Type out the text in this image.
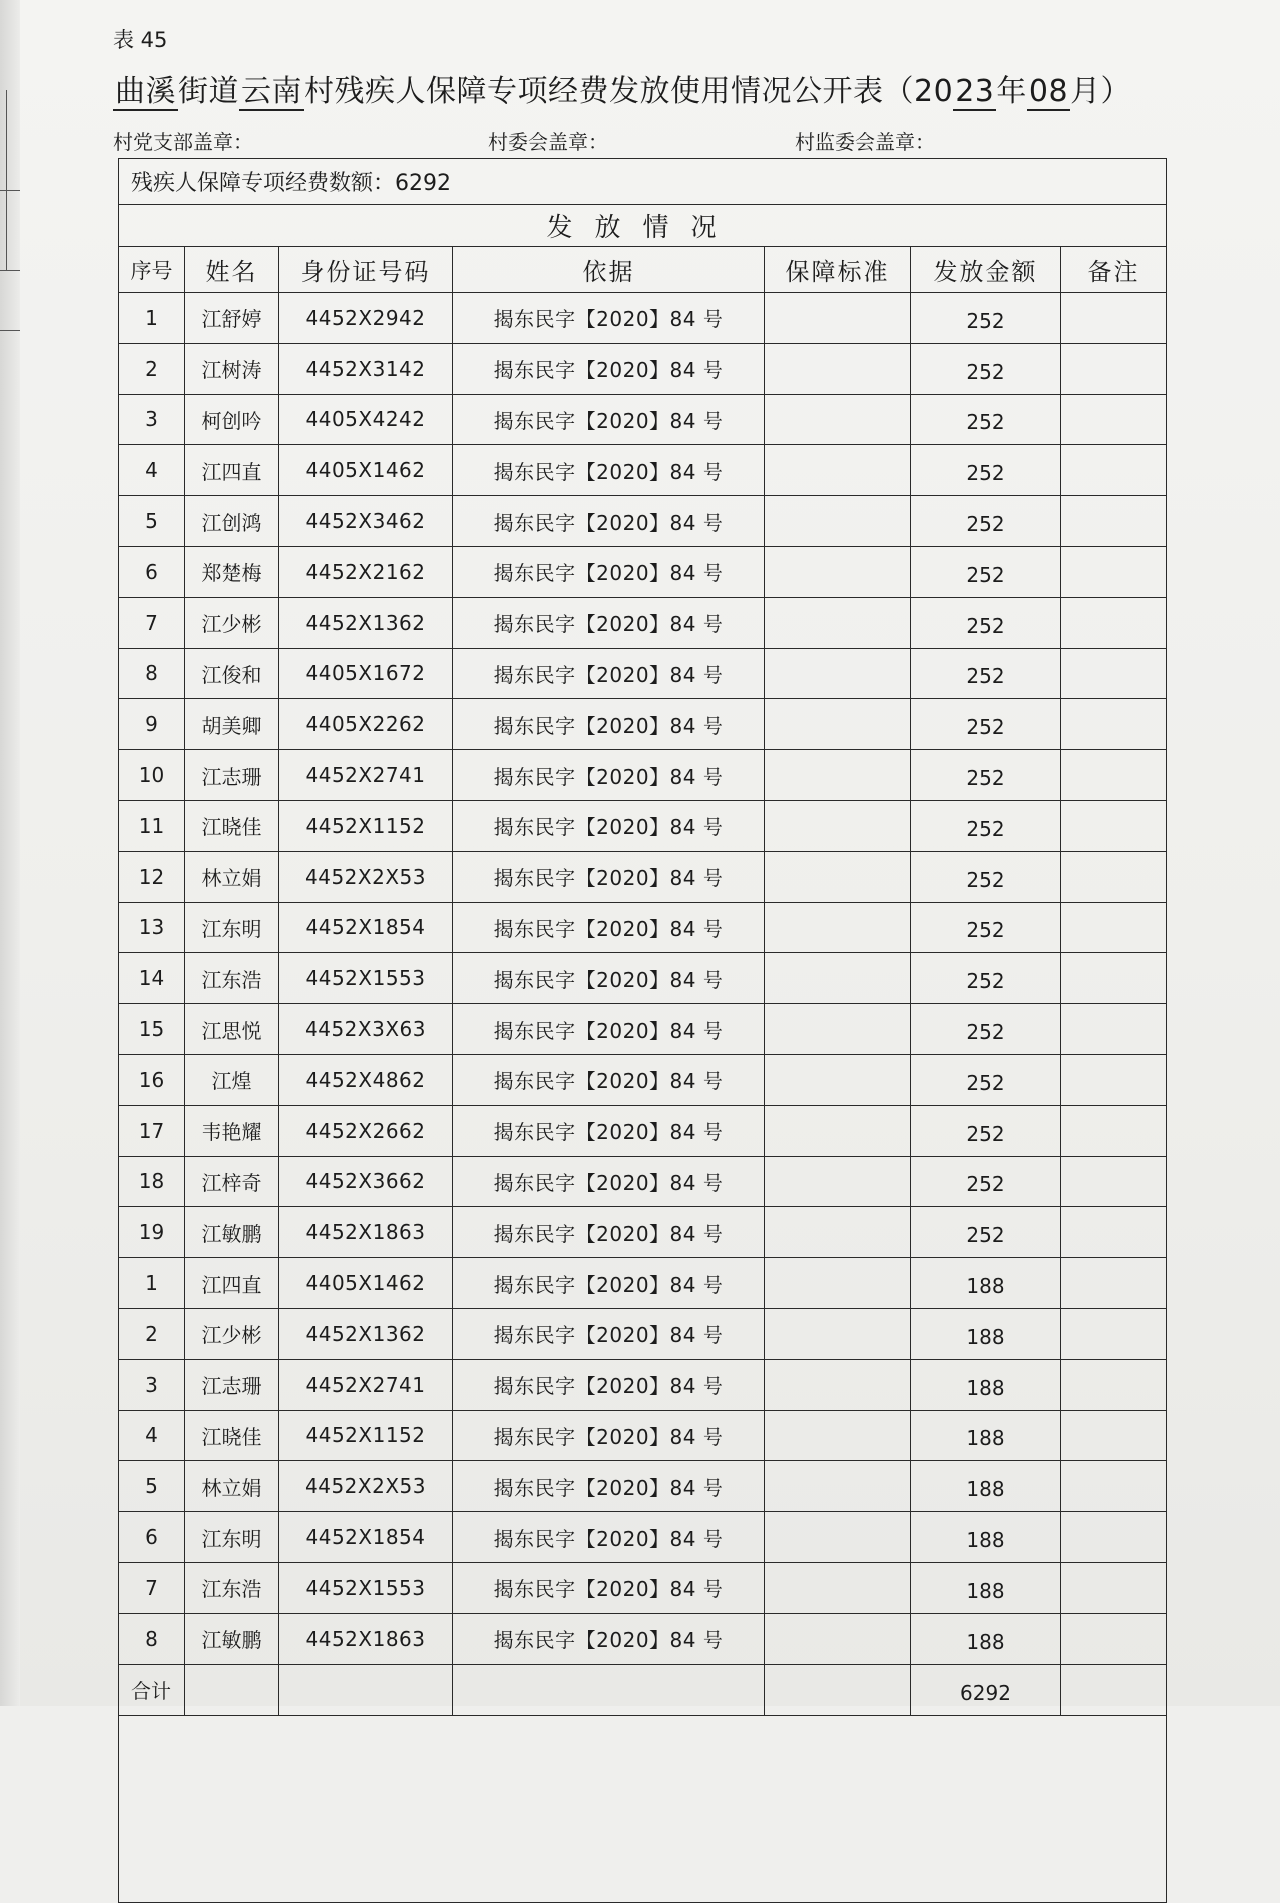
表 45
曲溪街道云南村残疾人保障专项经费发放使用情况公开表（2023年08月）
村党支部盖章：	村委会盖章：	村监委会盖章：
残疾人保障专项经费数额：6292						
发放情况						
序号	姓名	身份证号码	依据	保障标准	发放金额	备注
1	江舒婷	4452X2942	揭东民字【2020】84 号		252	
2	江树涛	4452X3142	揭东民字【2020】84 号		252	
3	柯创吟	4405X4242	揭东民字【2020】84 号		252	
4	江四直	4405X1462	揭东民字【2020】84 号		252	
5	江创鸿	4452X3462	揭东民字【2020】84 号		252	
6	郑楚梅	4452X2162	揭东民字【2020】84 号		252	
7	江少彬	4452X1362	揭东民字【2020】84 号		252	
8	江俊和	4405X1672	揭东民字【2020】84 号		252	
9	胡美卿	4405X2262	揭东民字【2020】84 号		252	
10	江志珊	4452X2741	揭东民字【2020】84 号		252	
11	江晓佳	4452X1152	揭东民字【2020】84 号		252	
12	林立娟	4452X2X53	揭东民字【2020】84 号		252	
13	江东明	4452X1854	揭东民字【2020】84 号		252	
14	江东浩	4452X1553	揭东民字【2020】84 号		252	
15	江思悦	4452X3X63	揭东民字【2020】84 号		252	
16	江煌	4452X4862	揭东民字【2020】84 号		252	
17	韦艳耀	4452X2662	揭东民字【2020】84 号		252	
18	江梓奇	4452X3662	揭东民字【2020】84 号		252	
19	江敏鹏	4452X1863	揭东民字【2020】84 号		252	
1	江四直	4405X1462	揭东民字【2020】84 号		188	
2	江少彬	4452X1362	揭东民字【2020】84 号		188	
3	江志珊	4452X2741	揭东民字【2020】84 号		188	
4	江晓佳	4452X1152	揭东民字【2020】84 号		188	
5	林立娟	4452X2X53	揭东民字【2020】84 号		188	
6	江东明	4452X1854	揭东民字【2020】84 号		188	
7	江东浩	4452X1553	揭东民字【2020】84 号		188	
8	江敏鹏	4452X1863	揭东民字【2020】84 号		188	
合计					6292	
